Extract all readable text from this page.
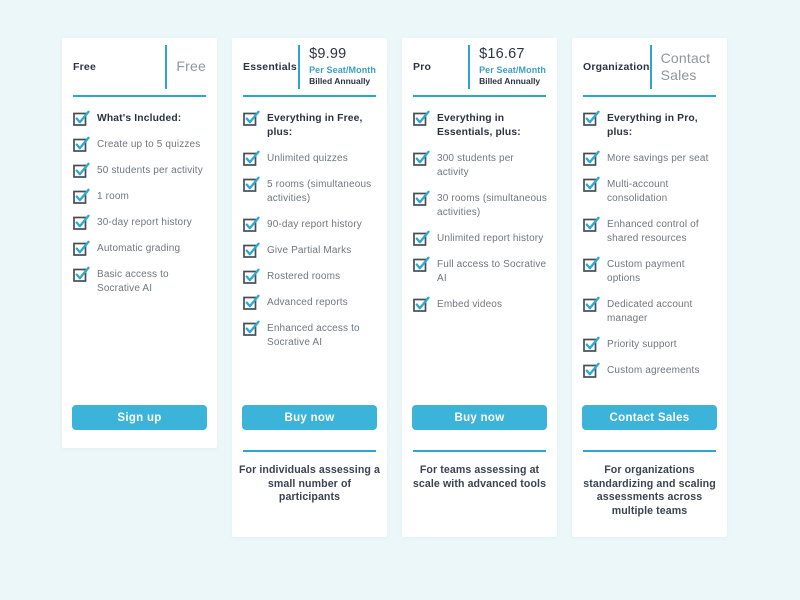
Free	Free
What's Included:
Create up to 5 quizzes
50 students per activity
1 room
30-day report history
Automatic grading
Basic access to Socrative AI
Sign up
Essentials
$9.99
Per Seat/Month
Billed Annually
Everything in Free, plus:
Unlimited quizzes
5 rooms (simultaneous activities)
90-day report history
Give Partial Marks
Rostered rooms
Advanced reports
Enhanced access to Socrative AI
Buy now
For individuals assessing a small number of participants
Pro
$16.67
Per Seat/Month
Billed Annually
Everything in Essentials, plus:
300 students per activity
30 rooms (simultaneous activities)
Unlimited report history
Full access to Socrative AI
Embed videos
Buy now
For teams assessing at scale with advanced tools
Organization
Contact Sales
Everything in Pro, plus:
More savings per seat
Multi-account consolidation
Enhanced control of shared resources
Custom payment options
Dedicated account manager
Priority support
Custom agreements
Contact Sales
For organizations standardizing and scaling assessments across multiple teams
